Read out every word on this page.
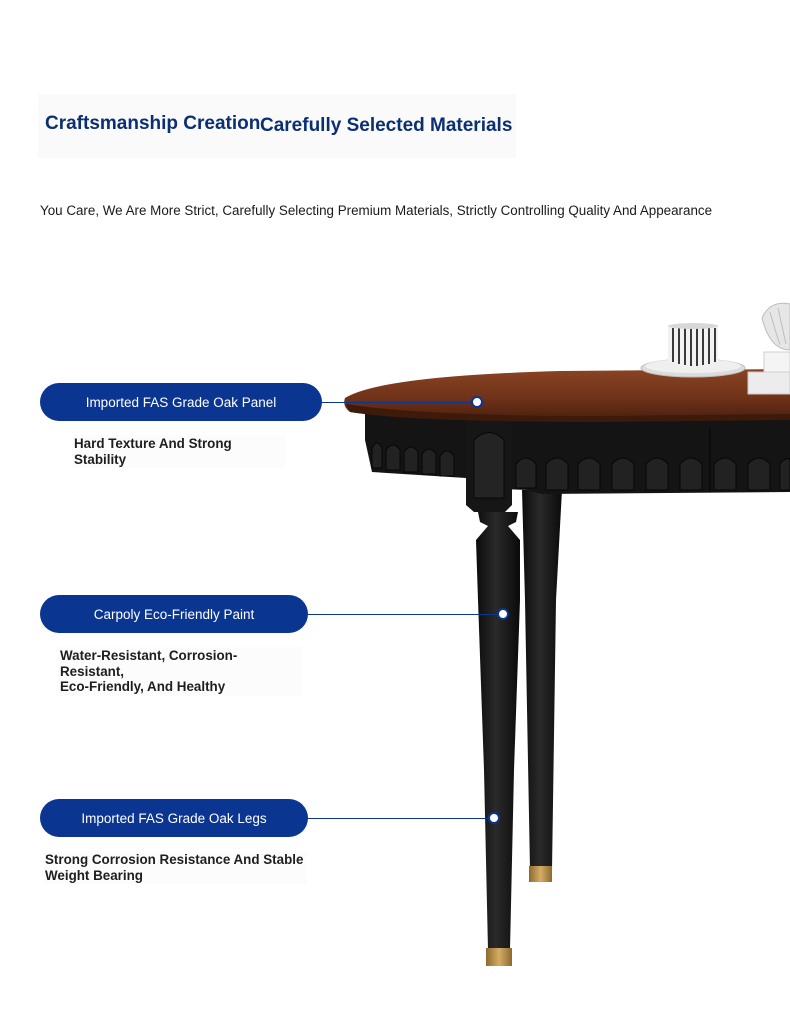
Craftsmanship Creation Carefully Selected Materials
You Care, We Are More Strict, Carefully Selecting Premium Materials, Strictly Controlling Quality And Appearance
Imported FAS Grade Oak Panel
Hard Texture And Strong
Stability
Carpoly Eco-Friendly Paint
Water-Resistant, Corrosion-Resistant,
Eco-Friendly, And Healthy
Imported FAS Grade Oak Legs
Strong Corrosion Resistance And Stable
Weight Bearing
